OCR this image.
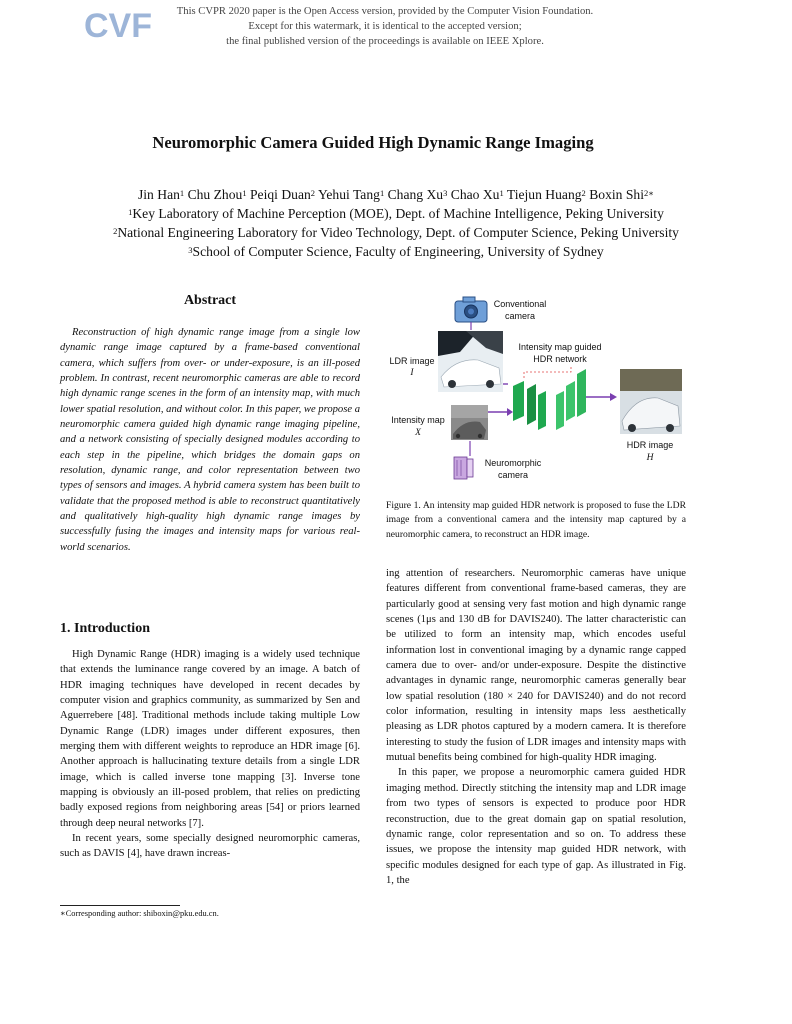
CVF	This CVPR 2020 paper is the Open Access version, provided by the Computer Vision Foundation.
Except for this watermark, it is identical to the accepted version;
the final published version of the proceedings is available on IEEE Xplore.
Neuromorphic Camera Guided High Dynamic Range Imaging
Jin Han$^1$ Chu Zhou$^1$ Peiqi Duan$^2$ Yehui Tang$^1$ Chang Xu$^3$ Chao Xu$^1$ Tiejun Huang$^2$ Boxin Shi$^{2∗}$
$^1$Key Laboratory of Machine Perception (MOE), Dept. of Machine Intelligence, Peking University
$^2$National Engineering Laboratory for Video Technology, Dept. of Computer Science, Peking University
$^3$School of Computer Science, Faculty of Engineering, University of Sydney
Abstract

Reconstruction of high dynamic range image from a single low dynamic range image captured by a frame-based conventional camera, which suffers from over- or under-exposure, is an ill-posed problem. In contrast, recent neuromorphic cameras are able to record high dynamic range scenes in the form of an intensity map, with much lower spatial resolution, and without color. In this paper, we propose a neuromorphic camera guided high dynamic range imaging pipeline, and a network consisting of specially designed modules according to each step in the pipeline, which bridges the domain gaps on resolution, dynamic range, and color representation between two types of sensors and images. A hybrid camera system has been built to validate that the proposed method is able to reconstruct quantitatively and qualitatively high-quality high dynamic range images by successfully fusing the images and intensity maps for various real-world scenarios.

1. Introduction

High Dynamic Range (HDR) imaging is a widely used technique that extends the luminance range covered by an image. A batch of HDR imaging techniques have developed in recent decades by computer vision and graphics community, as summarized by Sen and Aguerrebere [48]. Traditional methods include taking multiple Low Dynamic Range (LDR) images under different exposures, then merging them with different weights to reproduce an HDR image [6]. Another approach is hallucinating texture details from a single LDR image, which is called inverse tone mapping [3]. Inverse tone mapping is obviously an ill-posed problem, that relies on predicting badly exposed regions from neighboring areas [54] or priors learned through deep neural networks [7].

In recent years, some specially designed neuromorphic cameras, such as DAVIS [4], have drawn increas-

∗Corresponding author: shiboxin@pku.edu.cn.
Conventional
camera
LDR image
I
Intensity map
X
Neuromorphic
camera
Intensity map guided
HDR network
HDR image
H
Figure 1. An intensity map guided HDR network is proposed to fuse the LDR image from a conventional camera and the intensity map captured by a neuromorphic camera, to reconstruct an HDR image.

ing attention of researchers. Neuromorphic cameras have unique features different from conventional frame-based cameras, they are particularly good at sensing very fast motion and high dynamic range scenes (1μs and 130 dB for DAVIS240). The latter characteristic can be utilized to form an intensity map, which encodes useful information lost in conventional imaging by a dynamic range capped camera due to over- and/or under-exposure. Despite the distinctive advantages in dynamic range, neuromorphic cameras generally bear low spatial resolution (180 × 240 for DAVIS240) and do not record color information, resulting in intensity maps less aesthetically pleasing as LDR photos captured by a modern camera. It is therefore interesting to study the fusion of LDR images and intensity maps with mutual benefits being combined for high-quality HDR imaging.

In this paper, we propose a neuromorphic camera guided HDR imaging method. Directly stitching the intensity map and LDR image from two types of sensors is expected to produce poor HDR reconstruction, due to the great domain gap on spatial resolution, dynamic range, color representation and so on. To address these issues, we propose the intensity map guided HDR network, with specific modules designed for each type of gap. As illustrated in Fig. 1, the
